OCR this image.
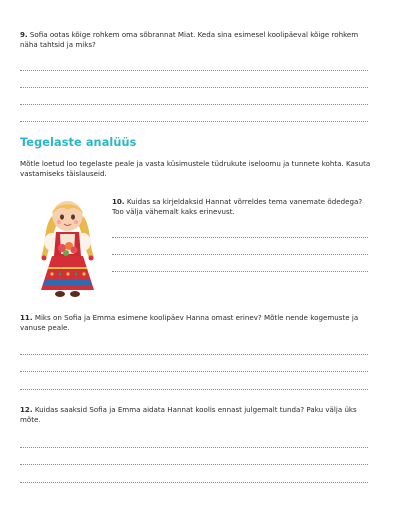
9. Sofia ootas kõige rohkem oma sõbrannat Miat. Keda sina esimesel koolipäeval kõige rohkem näha tahtsid ja miks?
Tegelaste analüüs
Mõtle loetud loo tegelaste peale ja vasta küsimustele tüdrukute iseloomu ja tunnete kohta. Kasuta vastamiseks täislauseid.
10. Kuidas sa kirjeldaksid Hannat võrreldes tema vanemate õdedega? Too välja vähemalt kaks erinevust.
11. Miks on Sofia ja Emma esimene koolipäev Hanna omast erinev? Mõtle nende kogemuste ja vanuse peale.
12. Kuidas saaksid Sofia ja Emma aidata Hannat koolis ennast julgemalt tunda? Paku välja üks mõte.
